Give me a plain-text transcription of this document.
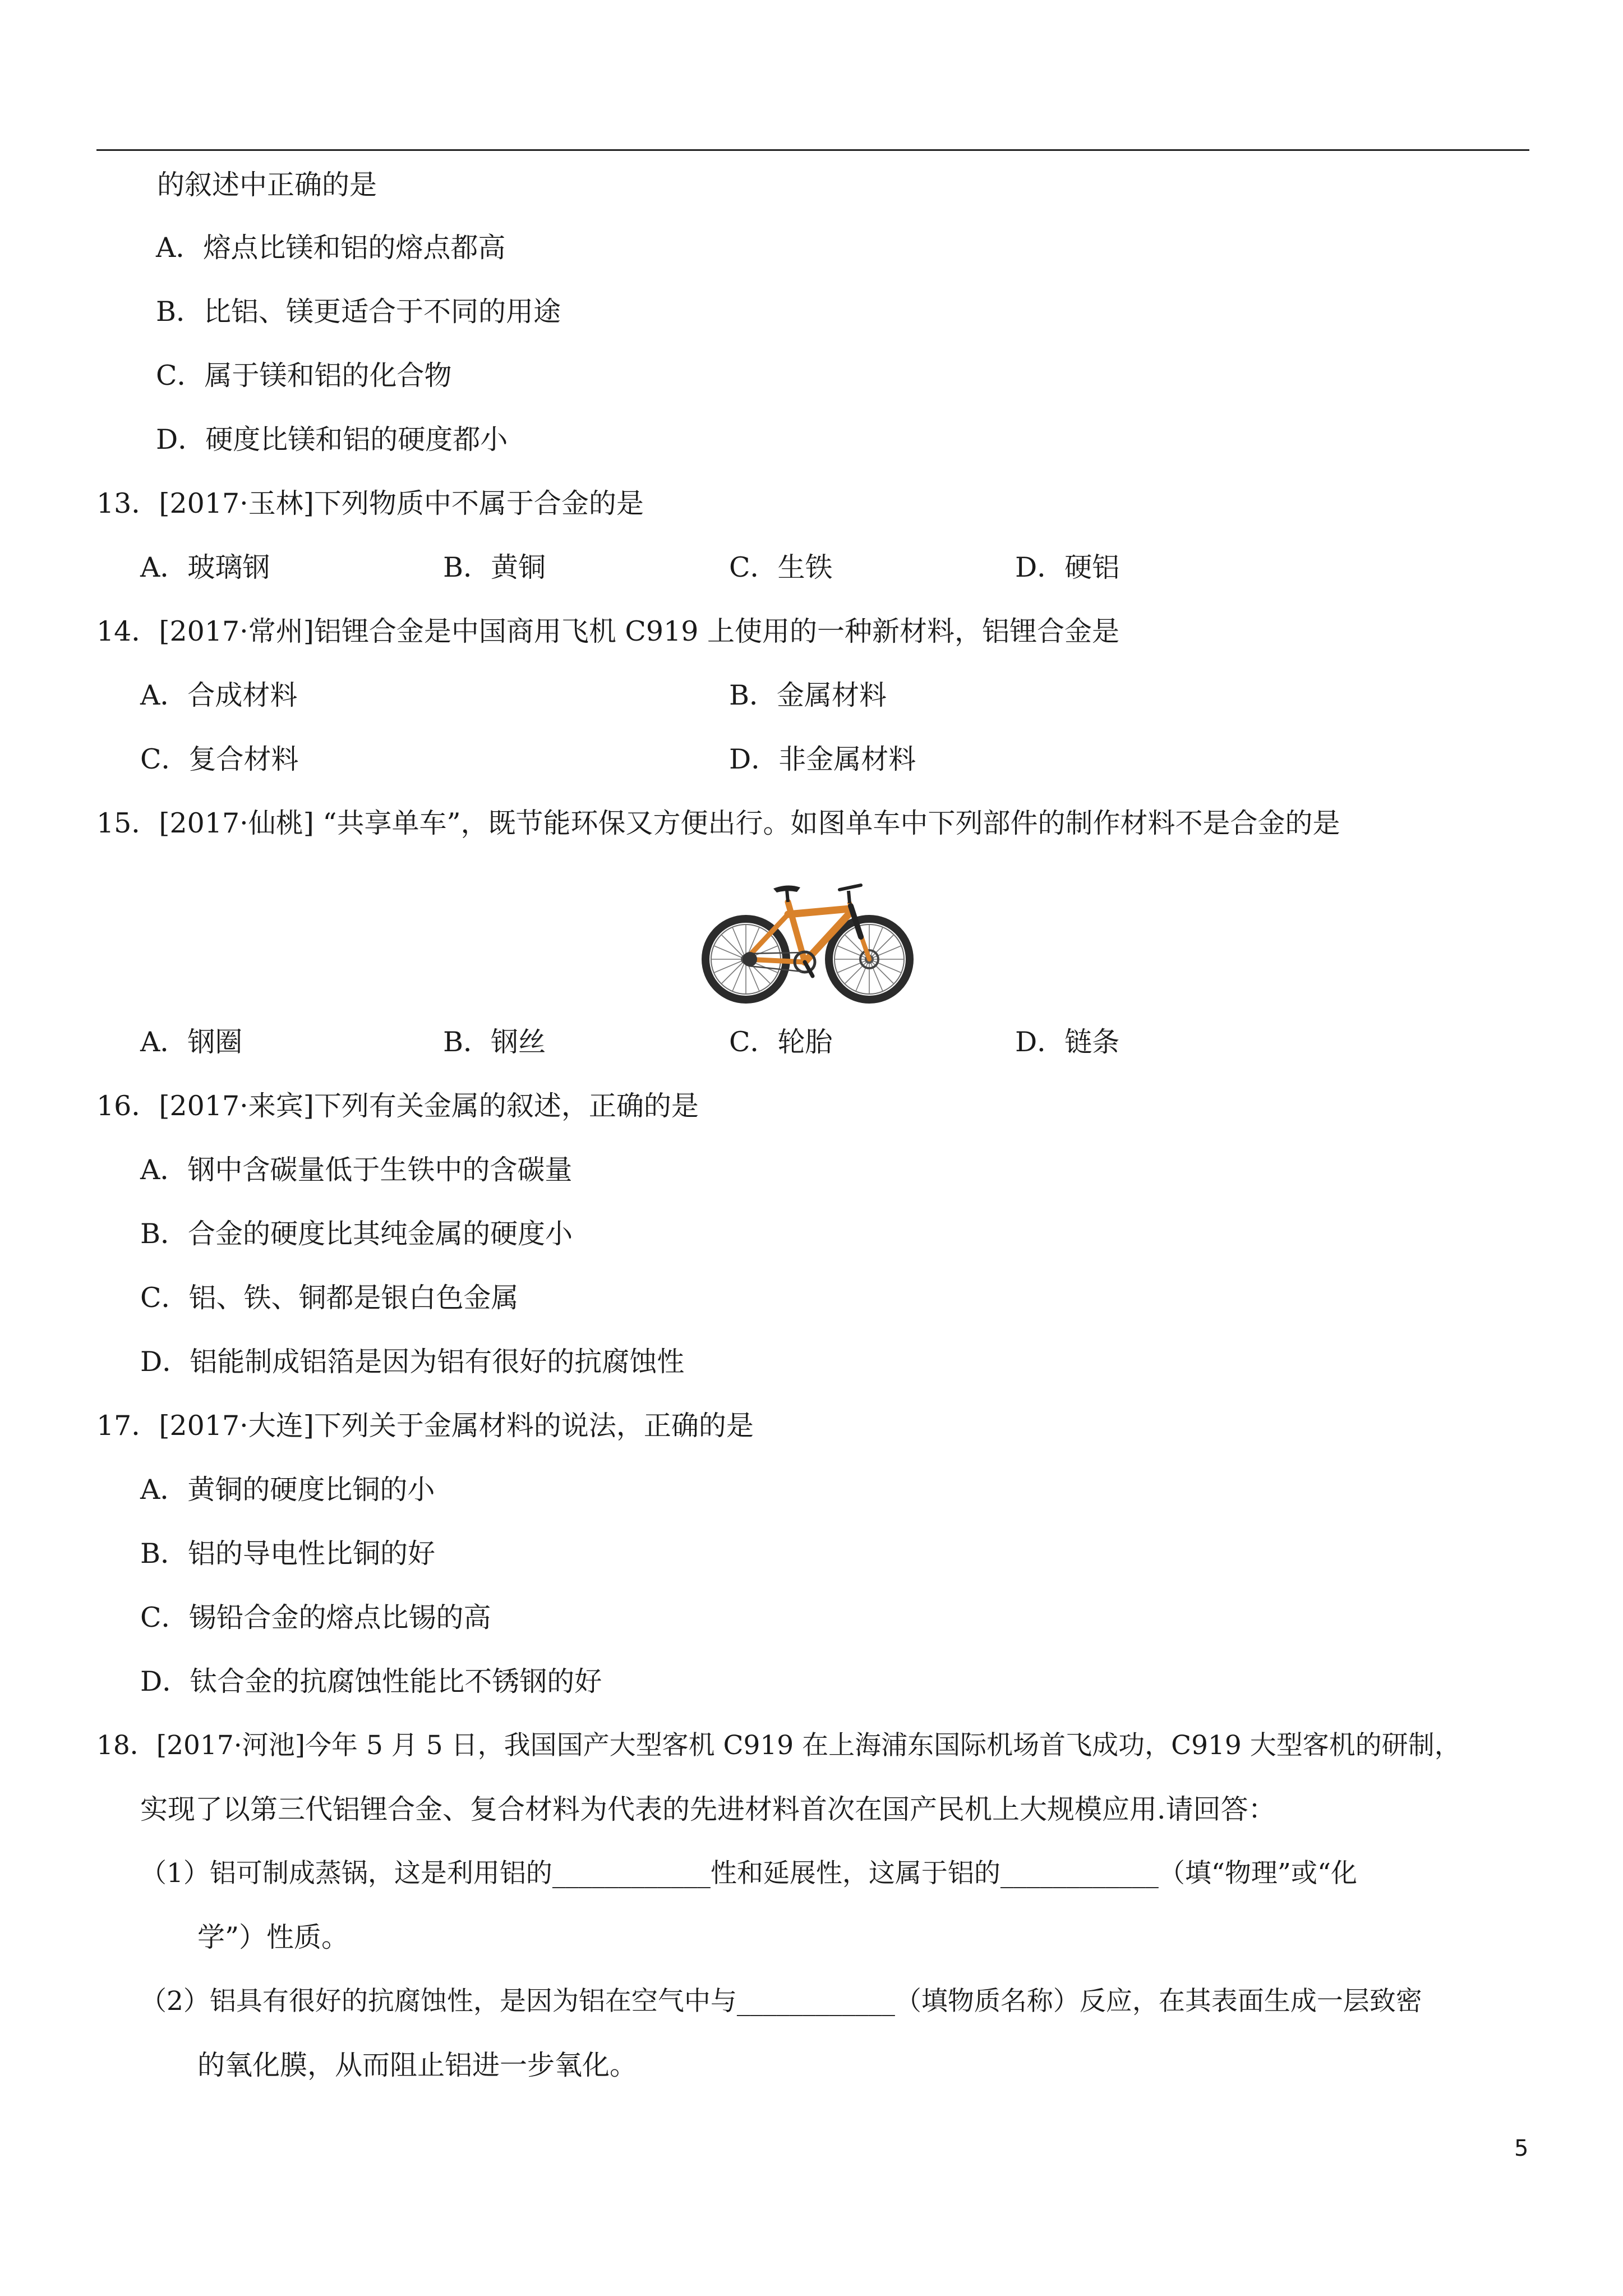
的叙述中正确的是
A．熔点比镁和铝的熔点都高
B．比铝、镁更适合于不同的用途
C．属于镁和铝的化合物
D．硬度比镁和铝的硬度都小
13．[2017·玉林]下列物质中不属于合金的是
A．玻璃钢	B．黄铜	C．生铁	D．硬铝
14．[2017·常州]铝锂合金是中国商用飞机 C919 上使用的一种新材料，铝锂合金是
A．合成材料	B．金属材料
C．复合材料	D．非金属材料
15．[2017·仙桃] “共享单车”，既节能环保又方便出行。如图单车中下列部件的制作材料不是合金的是
A．钢圈	B．钢丝	C．轮胎	D．链条
16．[2017·来宾]下列有关金属的叙述，正确的是
A．钢中含碳量低于生铁中的含碳量
B．合金的硬度比其纯金属的硬度小
C．铝、铁、铜都是银白色金属
D．铝能制成铝箔是因为铝有很好的抗腐蚀性
17．[2017·大连]下列关于金属材料的说法，正确的是
A．黄铜的硬度比铜的小
B．铝的导电性比铜的好
C．锡铅合金的熔点比锡的高
D．钛合金的抗腐蚀性能比不锈钢的好
18．[2017·河池]今年 5 月 5 日，我国国产大型客机 C919 在上海浦东国际机场首飞成功，C919 大型客机的研制，
实现了以第三代铝锂合金、复合材料为代表的先进材料首次在国产民机上大规模应用.请回答：
（1）铝可制成蒸锅，这是利用铝的____________性和延展性，这属于铝的____________（填“物理”或“化
学”）性质。
（2）铝具有很好的抗腐蚀性，是因为铝在空气中与____________（填物质名称）反应，在其表面生成一层致密
的氧化膜，从而阻止铝进一步氧化。
5
